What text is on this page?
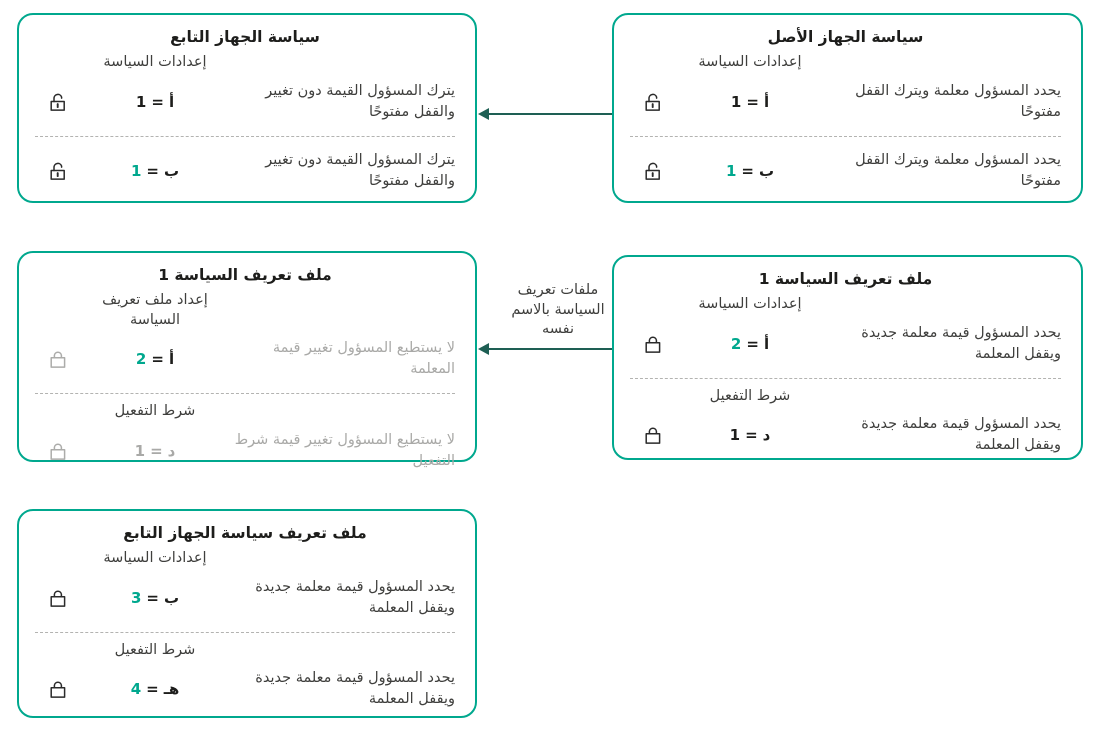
سياسة الجهاز التابع
إعدادات السياسة
يترك المسؤول القيمة دون تغيير والقفل مفتوحًا
أ
=
1
يترك المسؤول القيمة دون تغيير والقفل مفتوحًا
ب
=
1
سياسة الجهاز الأصل
إعدادات السياسة
يحدد المسؤول معلمة ويترك القفل مفتوحًا
أ
=
1
يحدد المسؤول معلمة ويترك القفل مفتوحًا
ب
=
1
ملف تعريف السياسة 1
إعداد ملف تعريف السياسة
لا يستطيع المسؤول تغيير قيمة المعلمة
أ
=
2
شرط التفعيل
لا يستطيع المسؤول تغيير قيمة شرط التفعيل
د
=
1
ملف تعريف السياسة 1
إعدادات السياسة
يحدد المسؤول قيمة معلمة جديدة ويقفل المعلمة
أ
=
2
شرط التفعيل
يحدد المسؤول قيمة معلمة جديدة ويقفل المعلمة
د
=
1
ملف تعريف سياسة الجهاز التابع
إعدادات السياسة
يحدد المسؤول قيمة معلمة جديدة ويقفل المعلمة
ب
=
3
شرط التفعيل
يحدد المسؤول قيمة معلمة جديدة ويقفل المعلمة
هـ
=
4
ملفات تعريف السياسة بالاسم نفسه
